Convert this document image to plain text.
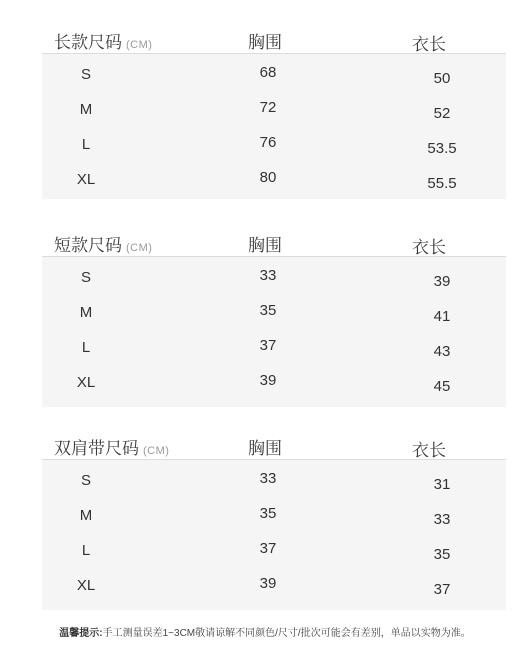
长款尺码 (CM)	胸围	衣长
S	68	50
M	72	52
L	76	53.5
XL	80	55.5
短款尺码 (CM)	胸围	衣长
S	33	39
M	35	41
L	37	43
XL	39	45
双肩带尺码 (CM)	胸围	衣长
S	33	31
M	35	33
L	37	35
XL	39	37
温馨提示:手工测量误差1~3CM敬请谅解不同颜色/尺寸/批次可能会有差别，单品以实物为准。
